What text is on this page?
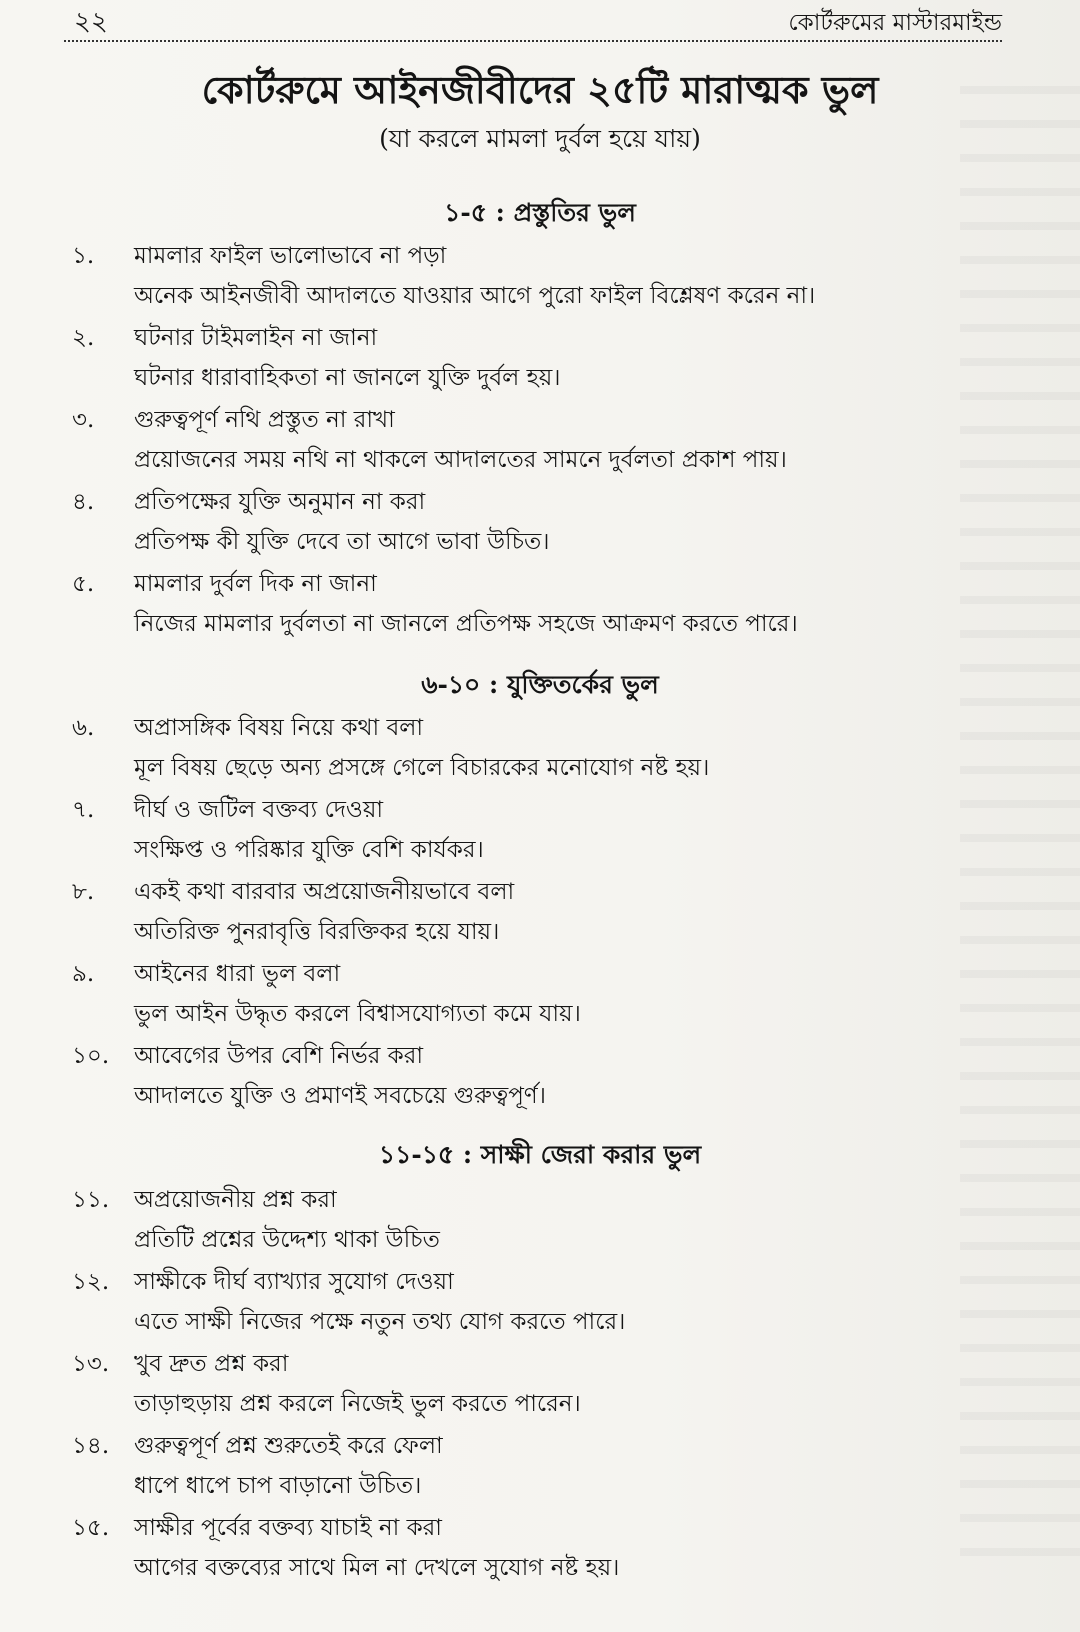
২২	কোর্টরুমের মাস্টারমাইন্ড
কোর্টরুমে আইনজীবীদের ২৫টি মারাত্মক ভুল
(যা করলে মামলা দুর্বল হয়ে যায়)
১-৫ : প্রস্তুতির ভুল
১. মামলার ফাইল ভালোভাবে না পড়া
অনেক আইনজীবী আদালতে যাওয়ার আগে পুরো ফাইল বিশ্লেষণ করেন না।
২. ঘটনার টাইমলাইন না জানা
ঘটনার ধারাবাহিকতা না জানলে যুক্তি দুর্বল হয়।
৩. গুরুত্বপূর্ণ নথি প্রস্তুত না রাখা
প্রয়োজনের সময় নথি না থাকলে আদালতের সামনে দুর্বলতা প্রকাশ পায়।
৪. প্রতিপক্ষের যুক্তি অনুমান না করা
প্রতিপক্ষ কী যুক্তি দেবে তা আগে ভাবা উচিত।
৫. মামলার দুর্বল দিক না জানা
নিজের মামলার দুর্বলতা না জানলে প্রতিপক্ষ সহজে আক্রমণ করতে পারে।
৬-১০ : যুক্তিতর্কের ভুল
৬. অপ্রাসঙ্গিক বিষয় নিয়ে কথা বলা
মূল বিষয় ছেড়ে অন্য প্রসঙ্গে গেলে বিচারকের মনোযোগ নষ্ট হয়।
৭. দীর্ঘ ও জটিল বক্তব্য দেওয়া
সংক্ষিপ্ত ও পরিষ্কার যুক্তি বেশি কার্যকর।
৮. একই কথা বারবার অপ্রয়োজনীয়ভাবে বলা
অতিরিক্ত পুনরাবৃত্তি বিরক্তিকর হয়ে যায়।
৯. আইনের ধারা ভুল বলা
ভুল আইন উদ্ধৃত করলে বিশ্বাসযোগ্যতা কমে যায়।
১০. আবেগের উপর বেশি নির্ভর করা
আদালতে যুক্তি ও প্রমাণই সবচেয়ে গুরুত্বপূর্ণ।
১১-১৫ : সাক্ষী জেরা করার ভুল
১১. অপ্রয়োজনীয় প্রশ্ন করা
প্রতিটি প্রশ্নের উদ্দেশ্য থাকা উচিত
১২. সাক্ষীকে দীর্ঘ ব্যাখ্যার সুযোগ দেওয়া
এতে সাক্ষী নিজের পক্ষে নতুন তথ্য যোগ করতে পারে।
১৩. খুব দ্রুত প্রশ্ন করা
তাড়াহুড়ায় প্রশ্ন করলে নিজেই ভুল করতে পারেন।
১৪. গুরুত্বপূর্ণ প্রশ্ন শুরুতেই করে ফেলা
ধাপে ধাপে চাপ বাড়ানো উচিত।
১৫. সাক্ষীর পূর্বের বক্তব্য যাচাই না করা
আগের বক্তব্যের সাথে মিল না দেখলে সুযোগ নষ্ট হয়।
